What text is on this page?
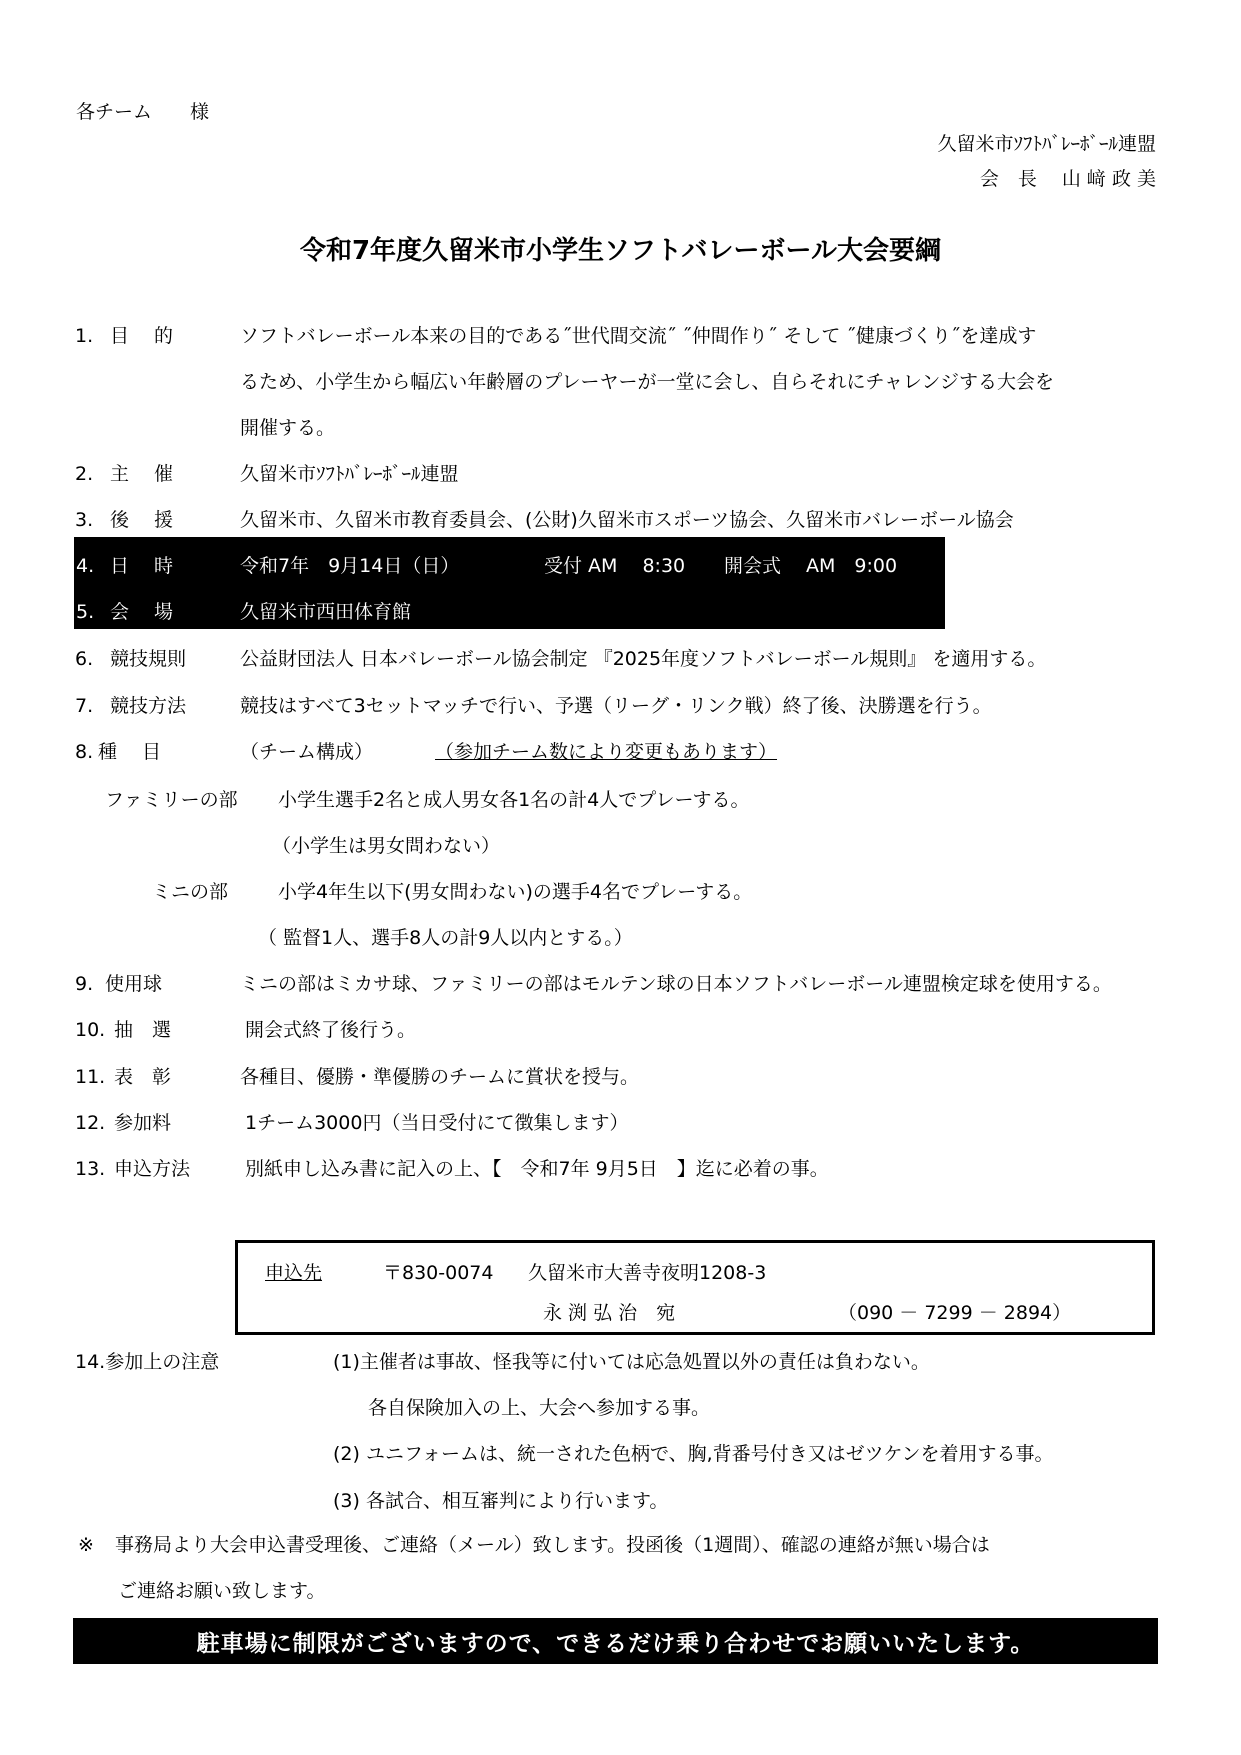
各チーム　　様
久留米市ｿﾌﾄﾊﾞﾚｰﾎﾞｰﾙ連盟
会　長　 山 﨑 政 美
令和7年度久留米市小学生ソフトバレーボール大会要綱
1. 目　 的	ソフトバレーボール本来の目的である˝世代間交流˝ ˝仲間作り˝ そして ˝健康づくり˝を達成す
るため、小学生から幅広い年齢層のプレーヤーが一堂に会し、自らそれにチャレンジする大会を
開催する。
2. 主　 催	久留米市ｿﾌﾄﾊﾞﾚｰﾎﾞｰﾙ連盟
3. 後　 援	久留米市、久留米市教育委員会、(公財)久留米市スポーツ協会、久留米市バレーボール協会
4. 日　 時	令和7年　9月14日（日）	受付 AM　 8:30 開会式　 AM　9:00
5. 会　 場	久留米市西田体育館
6. 競技規則	公益財団法人 日本バレーボール協会制定 『2025年度ソフトバレーボール規則』 を適用する。
7. 競技方法	競技はすべて3セットマッチで行い、予選（リーグ・リンク戦）終了後、決勝選を行う。
8. 種　 目	（チーム構成）	（参加チーム数により変更もあります）
ファミリーの部 小学生選手2名と成人男女各1名の計4人でプレーする。
（小学生は男女問わない）
ミニの部	小学4年生以下(男女問わない)の選手4名でプレーする。
（ 監督1人、選手8人の計9人以内とする。）
9. 使用球	ミニの部はミカサ球、ファミリーの部はモルテン球の日本ソフトバレーボール連盟検定球を使用する。
10. 抽　選	開会式終了後行う。
11. 表　彰	各種目、優勝・準優勝のチームに賞状を授与。
12. 参加料	1チーム3000円（当日受付にて徴集します）
13. 申込方法	別紙申し込み書に記入の上、【　令和7年 9月5日　】迄に必着の事。
申込先	〒830-0074 久留米市大善寺夜明1208-3
永 渕 弘 治　宛	（090 － 7299 － 2894）
14.参加上の注意	(1)主催者は事故、怪我等に付いては応急処置以外の責任は負わない。
各自保険加入の上、大会へ参加する事。
(2) ユニフォームは、統一された色柄で、胸,背番号付き又はゼツケンを着用する事。
(3) 各試合、相互審判により行います。
※ 事務局より大会申込書受理後、ご連絡（メール）致します。投函後（1週間）、確認の連絡が無い場合は
ご連絡お願い致します。
駐車場に制限がございますので、できるだけ乗り合わせでお願いいたします。
